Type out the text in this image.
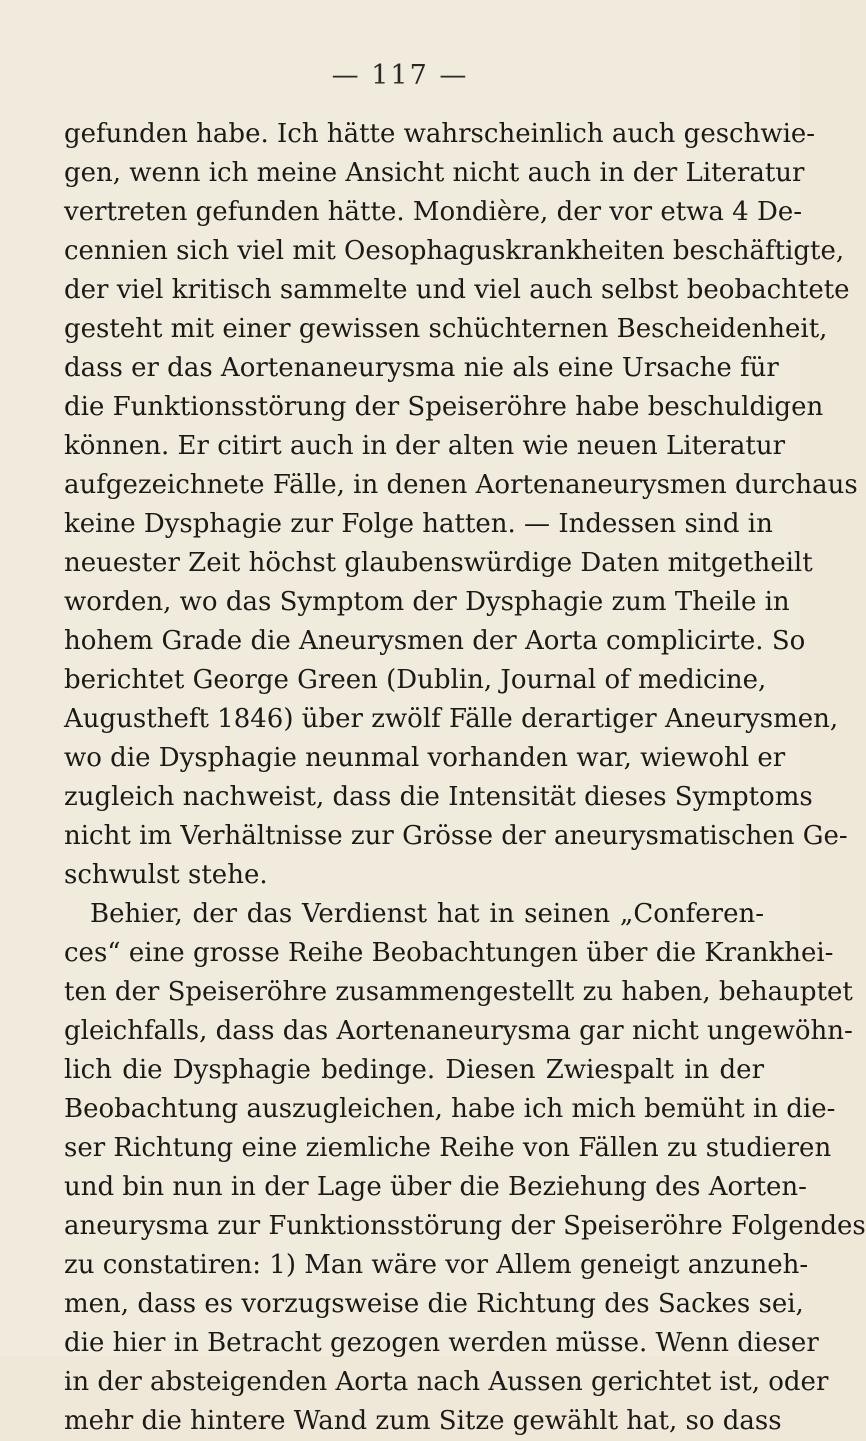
— 117 —
gefunden habe. Ich hätte wahrscheinlich auch geschwie-
gen, wenn ich meine Ansicht nicht auch in der Literatur
vertreten gefunden hätte. Mondière, der vor etwa 4 De-
cennien sich viel mit Oesophaguskrankheiten beschäftigte,
der viel kritisch sammelte und viel auch selbst beobachtete
gesteht mit einer gewissen schüchternen Bescheidenheit,
dass er das Aortenaneurysma nie als eine Ursache für
die Funktionsstörung der Speiseröhre habe beschuldigen
können. Er citirt auch in der alten wie neuen Literatur
aufgezeichnete Fälle, in denen Aortenaneurysmen durchaus
keine Dysphagie zur Folge hatten. — Indessen sind in
neuester Zeit höchst glaubenswürdige Daten mitgetheilt
worden, wo das Symptom der Dysphagie zum Theile in
hohem Grade die Aneurysmen der Aorta complicirte. So
berichtet George Green (Dublin, Journal of medicine,
Augustheft 1846) über zwölf Fälle derartiger Aneurysmen,
wo die Dysphagie neunmal vorhanden war, wiewohl er
zugleich nachweist, dass die Intensität dieses Symptoms
nicht im Verhältnisse zur Grösse der aneurysmatischen Ge-
schwulst stehe.
Behier, der das Verdienst hat in seinen „Conferen-
ces“ eine grosse Reihe Beobachtungen über die Krankhei-
ten der Speiseröhre zusammengestellt zu haben, behauptet
gleichfalls, dass das Aortenaneurysma gar nicht ungewöhn-
lich die Dysphagie bedinge. Diesen Zwiespalt in der
Beobachtung auszugleichen, habe ich mich bemüht in die-
ser Richtung eine ziemliche Reihe von Fällen zu studieren
und bin nun in der Lage über die Beziehung des Aorten-
aneurysma zur Funktionsstörung der Speiseröhre Folgendes
zu constatiren: 1) Man wäre vor Allem geneigt anzuneh-
men, dass es vorzugsweise die Richtung des Sackes sei,
die hier in Betracht gezogen werden müsse. Wenn dieser
in der absteigenden Aorta nach Aussen gerichtet ist, oder
mehr die hintere Wand zum Sitze gewählt hat, so dass
